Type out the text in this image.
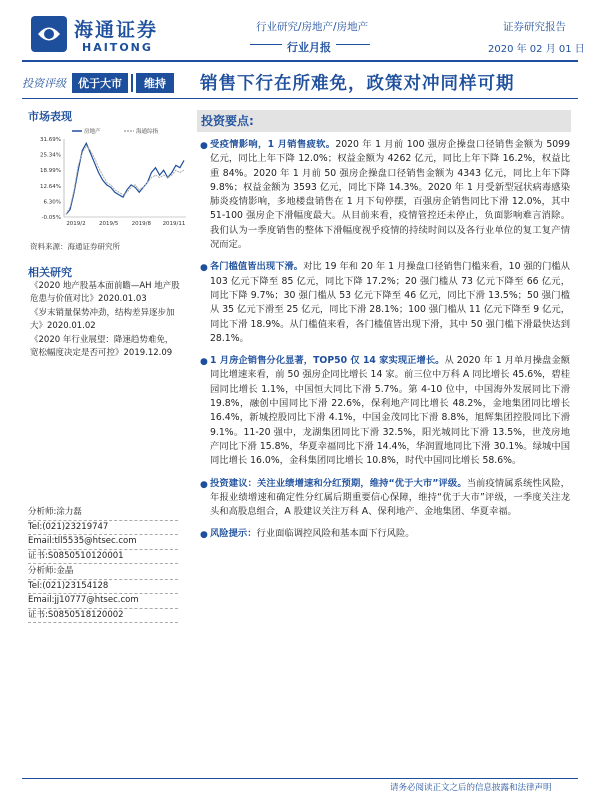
海通证券
HAITONG
行业研究/房地产/房地产
行业月报
证券研究报告
2020 年 02 月 01 日
投资评级	优于大市	维持	销售下行在所难免，政策对冲同样可期
市场表现
房地产	海通综指
31.69%
25.34%
18.99%
12.64%
6.30%
-0.05%
2019/2 2019/5 2019/8 2019/11
资料来源：海通证券研究所
相关研究
《2020 地产股基本面前瞻—AH 地产股危患与价值对比》2020.01.03
《岁末销量保势冲劲，结构差异逐步加大》2020.01.02
《2020 年行业展望：降速趋势难免，宽松幅度决定是否可控》2019.12.09
分析师:涂力磊
Tel:(021)23219747
Email:tll5535@htsec.com
证书:S0850510120001
分析师:金晶
Tel:(021)23154128
Email:jj10777@htsec.com
证书:S0850518120002
投资要点:
● 受疫情影响，1 月销售疲软。2020 年 1 月前 100 强房企操盘口径销售金额为 5099 亿元，同比上年下降 12.0%；权益金额为 4262 亿元，同比上年下降 16.2%，权益比重 84%。2020 年 1 月前 50 强房企操盘口径销售金额为 4343 亿元，同比上年下降 9.8%；权益金额为 3593 亿元，同比下降 14.3%。2020 年 1 月受新型冠状病毒感染肺炎疫情影响，多地楼盘销售在 1 月下旬停摆，百强房企销售同比下滑 12.0%，其中 51-100 强房企下滑幅度最大。从目前来看，疫情管控还未停止，负面影响难言消除。我们认为一季度销售的整体下滑幅度视乎疫情的持续时间以及各行业单位的复工复产情况而定。
● 各门槛值皆出现下滑。对比 19 年和 20 年 1 月操盘口径销售门槛来看，10 强的门槛从 103 亿元下降至 85 亿元，同比下降 17.2%；20 强门槛从 73 亿元下降至 66 亿元，同比下降 9.7%；30 强门槛从 53 亿元下降至 46 亿元，同比下滑 13.5%；50 强门槛从 35 亿元下滑至 25 亿元，同比下滑 28.1%；100 强门槛从 11 亿元下降至 9 亿元，同比下滑 18.9%。从门槛值来看，各门槛值皆出现下滑，其中 50 强门槛下滑最快达到 28.1%。
● 1 月房企销售分化显著，TOP50 仅 14 家实现正增长。从 2020 年 1 月单月操盘金额同比增速来看，前 50 强房企同比增长 14 家。前三位中万科 A 同比增长 45.6%，碧桂园同比增长 1.1%，中国恒大同比下滑 5.7%。第 4-10 位中，中国海外发展同比下滑 19.8%，融创中国同比下滑 22.6%，保利地产同比增长 48.2%，金地集团同比增长 16.4%，新城控股同比下滑 4.1%，中国金茂同比下滑 8.8%，旭辉集团控股同比下滑 9.1%。11-20 强中，龙湖集团同比下滑 32.5%，阳光城同比下滑 13.5%，世茂房地产同比下滑 15.8%，华夏幸福同比下滑 14.4%，华润置地同比下滑 30.1%。绿城中国同比增长 16.0%，金科集团同比增长 10.8%，时代中国同比增长 58.6%。
● 投资建议：关注业绩增速和分红预期，维持“优于大市”评级。当前疫情属系统性风险，年报业绩增速和确定性分红属后期重要信心保障，维持“优于大市”评级，一季度关注龙头和高股息组合，A 股建议关注万科 A、保利地产、金地集团、华夏幸福。
● 风险提示：行业面临调控风险和基本面下行风险。
请务必阅读正文之后的信息披露和法律声明
